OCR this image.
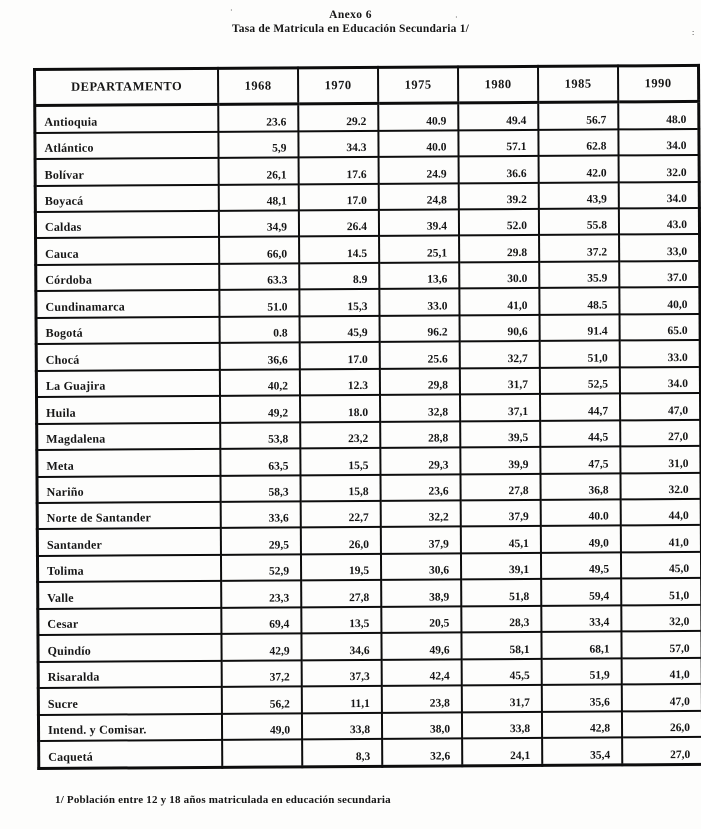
Anexo 6
Tasa de Matricula en Educación Secundaria 1/
·
·
:
DEPARTAMENTO	1968	1970	1975	1980	1985	1990
Antioquia	23.6	29.2	40.9	49.4	56.7	48.0
Atlántico	5,9	34.3	40.0	57.1	62.8	34.0
Bolívar	26,1	17.6	24.9	36.6	42.0	32.0
Boyacá	48,1	17.0	24,8	39.2	43,9	34.0
Caldas	34,9	26.4	39.4	52.0	55.8	43.0
Cauca	66,0	14.5	25,1	29.8	37.2	33,0
Córdoba	63.3	8.9	13,6	30.0	35.9	37.0
Cundinamarca	51.0	15,3	33.0	41,0	48.5	40,0
Bogotá	0.8	45,9	96.2	90,6	91.4	65.0
Chocá	36,6	17.0	25.6	32,7	51,0	33.0
La Guajira	40,2	12.3	29,8	31,7	52,5	34.0
Huila	49,2	18.0	32,8	37,1	44,7	47,0
Magdalena	53,8	23,2	28,8	39,5	44,5	27,0
Meta	63,5	15,5	29,3	39,9	47,5	31,0
Nariño	58,3	15,8	23,6	27,8	36,8	32.0
Norte de Santander	33,6	22,7	32,2	37,9	40.0	44,0
Santander	29,5	26,0	37,9	45,1	49,0	41,0
Tolima	52,9	19,5	30,6	39,1	49,5	45,0
Valle	23,3	27,8	38,9	51,8	59,4	51,0
Cesar	69,4	13,5	20,5	28,3	33,4	32,0
Quindío	42,9	34,6	49,6	58,1	68,1	57,0
Risaralda	37,2	37,3	42,4	45,5	51,9	41,0
Sucre	56,2	11,1	23,8	31,7	35,6	47,0
Intend. y Comisar.	49,0	33,8	38,0	33,8	42,8	26,0
Caquetá		8,3	32,6	24,1	35,4	27,0
1/ Población entre 12 y 18 años matriculada en educación secundaria
